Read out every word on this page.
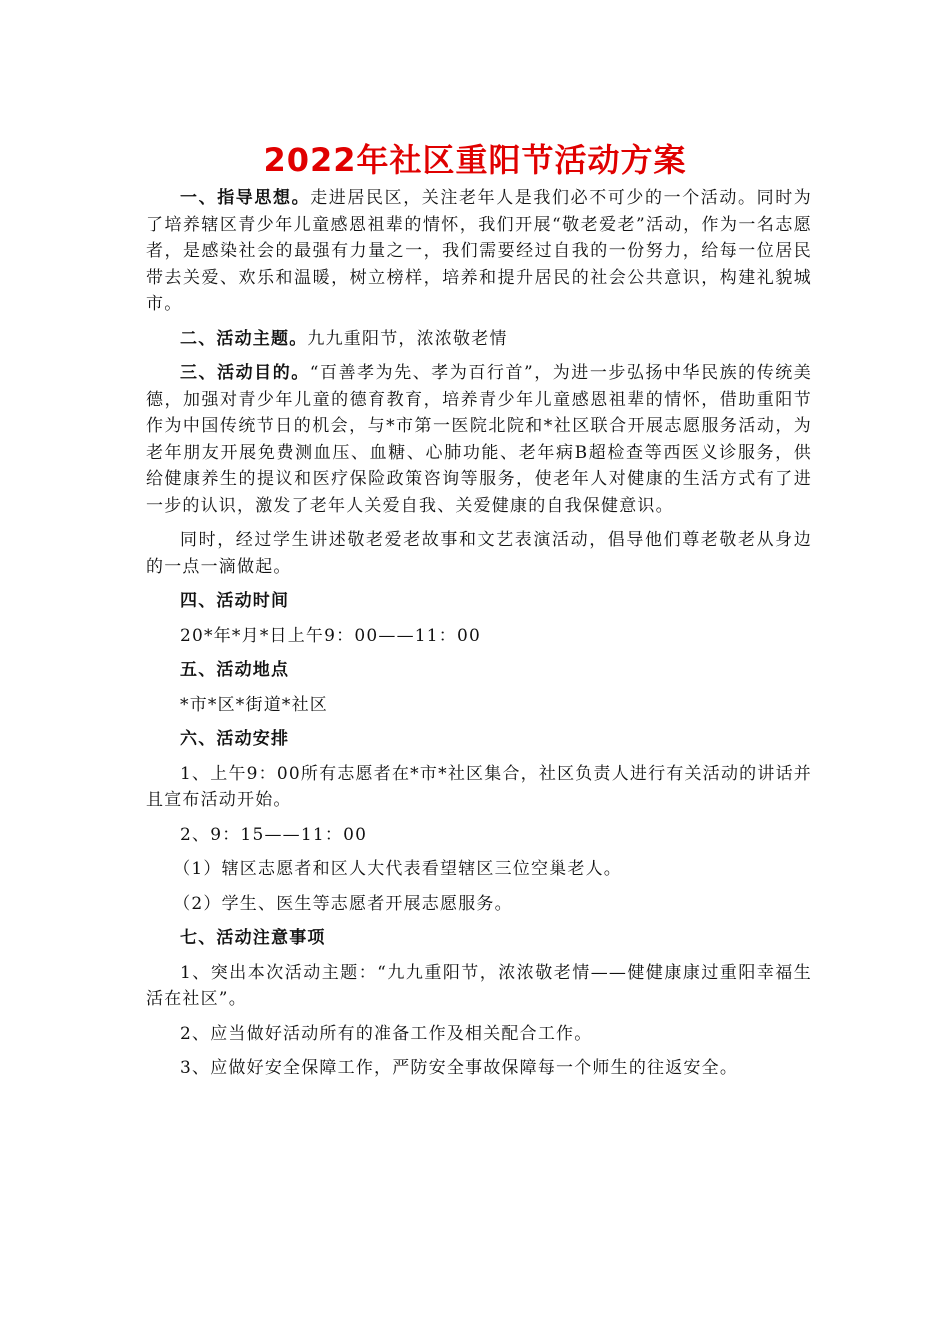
2022年社区重阳节活动方案

一、指导思想。走进居民区，关注老年人是我们必不可少的一个活动。同时为了培养辖区青少年儿童感恩祖辈的情怀，我们开展“敬老爱老”活动，作为一名志愿者，是感染社会的最强有力量之一，我们需要经过自我的一份努力，给每一位居民带去关爱、欢乐和温暖，树立榜样，培养和提升居民的社会公共意识，构建礼貌城市。

二、活动主题。九九重阳节，浓浓敬老情

三、活动目的。“百善孝为先、孝为百行首”，为进一步弘扬中华民族的传统美德，加强对青少年儿童的德育教育，培养青少年儿童感恩祖辈的情怀，借助重阳节作为中国传统节日的机会，与*市第一医院北院和*社区联合开展志愿服务活动，为老年朋友开展免费测血压、血糖、心肺功能、老年病B超检查等西医义诊服务，供给健康养生的提议和医疗保险政策咨询等服务，使老年人对健康的生活方式有了进一步的认识，激发了老年人关爱自我、关爱健康的自我保健意识。

同时，经过学生讲述敬老爱老故事和文艺表演活动，倡导他们尊老敬老从身边的一点一滴做起。

四、活动时间

20*年*月*日上午9：00——11：00

五、活动地点

*市*区*街道*社区

六、活动安排

1、上午9：00所有志愿者在*市*社区集合，社区负责人进行有关活动的讲话并且宣布活动开始。

2、9：15——11：00

（1）辖区志愿者和区人大代表看望辖区三位空巢老人。

（2）学生、医生等志愿者开展志愿服务。

七、活动注意事项

1、突出本次活动主题：“九九重阳节，浓浓敬老情——健健康康过重阳幸福生活在社区”。

2、应当做好活动所有的准备工作及相关配合工作。

3、应做好安全保障工作，严防安全事故保障每一个师生的往返安全。
